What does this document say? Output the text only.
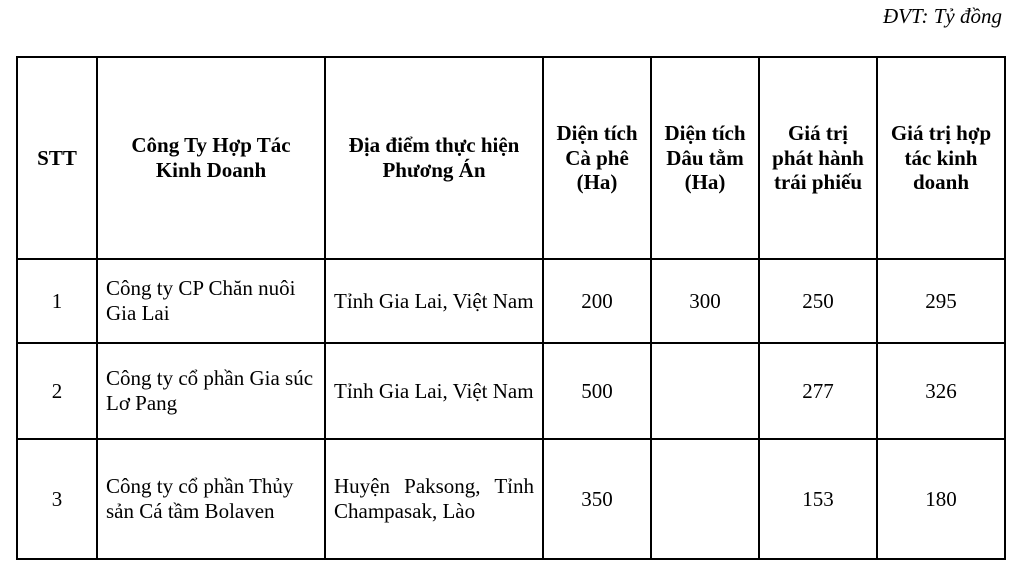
ĐVT: Tỷ đồng
STT	Công Ty Hợp Tác Kinh Doanh	Địa điểm thực hiện Phương Án	Diện tích Cà phê (Ha)	Diện tích Dâu tằm (Ha)	Giá trị phát hành trái phiếu	Giá trị hợp tác kinh doanh
1	Công ty CP Chăn nuôi Gia Lai	Tỉnh Gia Lai, Việt Nam	200	300	250	295
2	Công ty cổ phần Gia súc Lơ Pang	Tỉnh Gia Lai, Việt Nam	500		277	326
3	Công ty cổ phần Thủy sản Cá tầm Bolaven	Huyện Paksong, Tỉnh Champasak, Lào	350		153	180
